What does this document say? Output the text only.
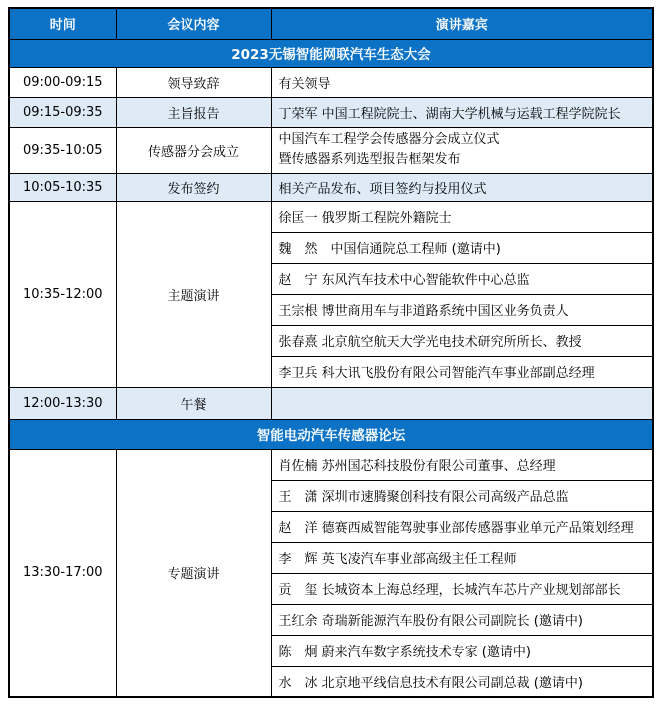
时间	会议内容	演讲嘉宾
2023无锡智能网联汽车生态大会		
09:00-09:15	领导致辞	有关领导
09:15-09:35	主旨报告	丁荣军 中国工程院院士、湖南大学机械与运载工程学院院长
09:35-10:05	传感器分会成立	中国汽车工程学会传感器分会成立仪式
暨传感器系列选型报告框架发布

10:05-10:35	发布签约	相关产品发布、项目签约与投用仪式
10:35-12:00	主题演讲	徐匡一 俄罗斯工程院外籍院士
		魏　然　中国信通院总工程师 (邀请中)
		赵　宁 东风汽车技术中心智能软件中心总监
		王宗根 博世商用车与非道路系统中国区业务负责人
		张春熹 北京航空航天大学光电技术研究所所长、教授
		李卫兵 科大讯飞股份有限公司智能汽车事业部副总经理
12:00-13:30	午餐	
智能电动汽车传感器论坛		
13:30-17:00	专题演讲	肖佐楠 苏州国芯科技股份有限公司董事、总经理
		王　潇 深圳市速腾聚创科技有限公司高级产品总监
		赵　洋 德赛西威智能驾驶事业部传感器事业单元产品策划经理
		李　辉 英飞凌汽车事业部高级主任工程师
		贡　玺 长城资本上海总经理，长城汽车芯片产业规划部部长
		王红余 奇瑞新能源汽车股份有限公司副院长 (邀请中)
		陈　炯 蔚来汽车数字系统技术专家 (邀请中)
		水　冰 北京地平线信息技术有限公司副总裁 (邀请中)
